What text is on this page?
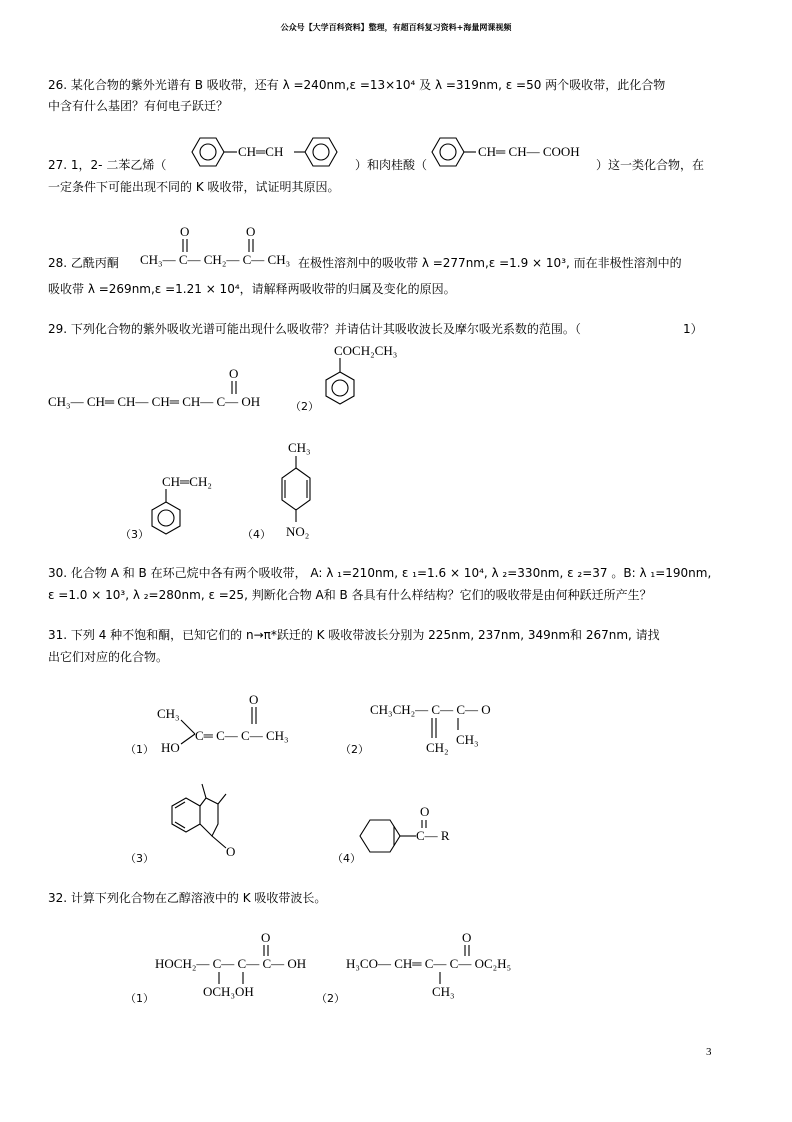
公众号【大学百科资料】整理，有超百科复习资料+海量网课视频
26. 某化合物的紫外光谱有 B 吸收带，还有 λ =240nm,ε =13×10⁴ 及 λ =319nm, ε =50 两个吸收带，此化合物
中含有什么基团？有何电子跃迁？
27. 1，2- 二苯乙烯（
CH═CH
）和肉桂酸（
CH═ CH— COOH
）这一类化合物，在
一定条件下可能出现不同的 K 吸收带，试证明其原因。
28. 乙酰丙酮 CH₃— C— CH₂— C— CH₃
O	O
在极性溶剂中的吸收带 λ =277nm,ε =1.9 × 10³, 而在非极性溶剂中的
吸收带 λ =269nm,ε =1.21 × 10⁴，请解释两吸收带的归属及变化的原因。
29. 下列化合物的紫外吸收光谱可能出现什么吸收带？并请估计其吸收波长及摩尔吸光系数的范围。（	1）
CH₃— CH═ CH— CH═ CH— C— OH
O
（2）
COCH₂CH₃
CH═CH₂
（3）	（4）
CH₃
NO₂
30. 化合物 A 和 B 在环己烷中各有两个吸收带， A: λ ₁=210nm, ε ₁=1.6 × 10⁴, λ ₂=330nm, ε ₂=37 。B: λ ₁=190nm,
ε =1.0 × 10³, λ ₂=280nm, ε =25, 判断化合物 A和 B 各具有什么样结构？它们的吸收带是由何种跃迁所产生？
31. 下列 4 种不饱和酮，已知它们的 n→π*跃迁的 K 吸收带波长分别为 225nm, 237nm, 349nm和 267nm, 请找
出它们对应的化合物。
CH₃
HO
C═ C— C— CH₃
O
（1）
CH₃CH₂— C— C— O
CH₂
CH₃
（2）
O
（3）
C— R
O
（4）
32. 计算下列化合物在乙醇溶液中的 K 吸收带波长。
HOCH₂— C— C— C— OH
O
OCH₃OH
（1）
H₃CO— CH═ C— C— OC₂H₅
O
CH₃
（2）
3
